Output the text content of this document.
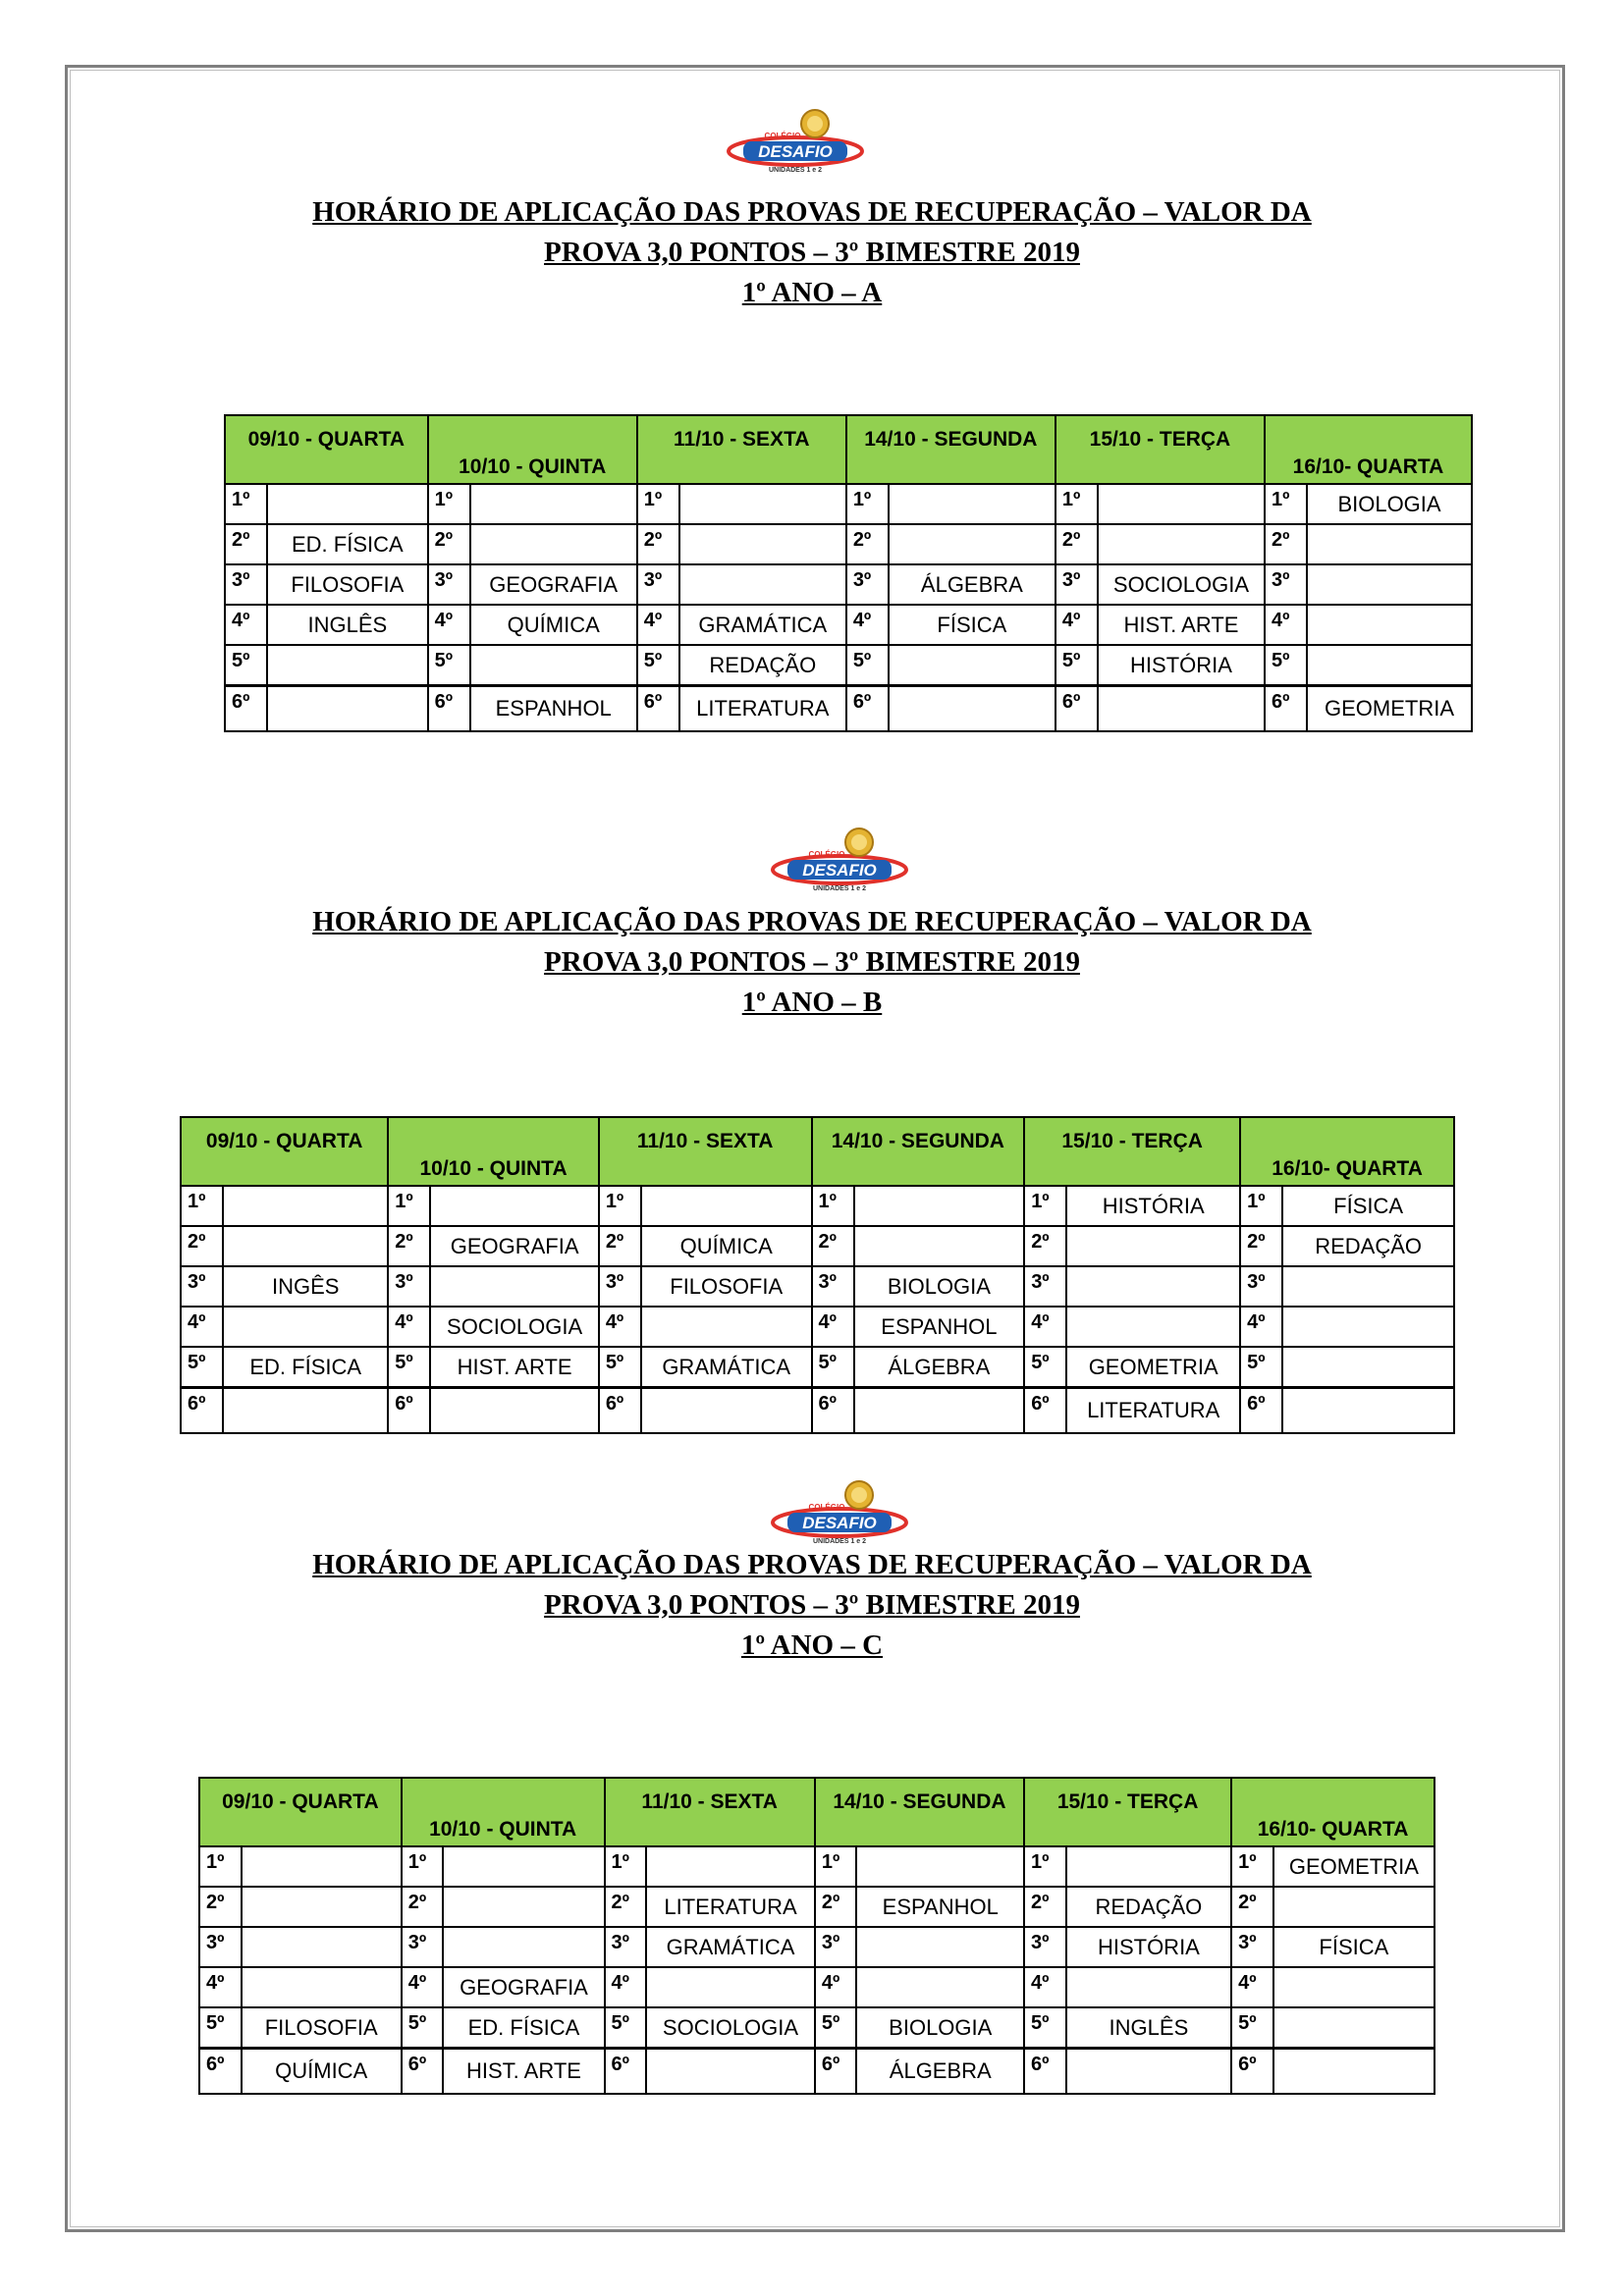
DESAFIO
COLÉGIO
UNIDADES 1 e 2
DESAFIO
COLÉGIO
UNIDADES 1 e 2
DESAFIO
COLÉGIO
UNIDADES 1 e 2
HORÁRIO DE APLICAÇÃO DAS PROVAS DE RECUPERAÇÃO – VALOR DA
PROVA 3,0 PONTOS – 3º BIMESTRE 2019
1º ANO – A
HORÁRIO DE APLICAÇÃO DAS PROVAS DE RECUPERAÇÃO – VALOR DA
PROVA 3,0 PONTOS – 3º BIMESTRE 2019
1º ANO – B
HORÁRIO DE APLICAÇÃO DAS PROVAS DE RECUPERAÇÃO – VALOR DA
PROVA 3,0 PONTOS – 3º BIMESTRE 2019
1º ANO – C
09/10 - QUARTA		10/10 - QUINTA		11/10 - SEXTA		14/10 - SEGUNDA		15/10 - TERÇA		16/10- QUARTA	
1º		1º		1º		1º		1º		1º	BIOLOGIA
2º	ED. FÍSICA	2º		2º		2º		2º		2º	
3º	FILOSOFIA	3º	GEOGRAFIA	3º		3º	ÁLGEBRA	3º	SOCIOLOGIA	3º	
4º	INGLÊS	4º	QUÍMICA	4º	GRAMÁTICA	4º	FÍSICA	4º	HIST. ARTE	4º	
5º		5º		5º	REDAÇÃO	5º		5º	HISTÓRIA	5º	
6º		6º	ESPANHOL	6º	LITERATURA	6º		6º		6º	GEOMETRIA
09/10 - QUARTA		10/10 - QUINTA		11/10 - SEXTA		14/10 - SEGUNDA		15/10 - TERÇA		16/10- QUARTA	
1º		1º		1º		1º		1º	HISTÓRIA	1º	FÍSICA
2º		2º	GEOGRAFIA	2º	QUÍMICA	2º		2º		2º	REDAÇÃO
3º	INGÊS	3º		3º	FILOSOFIA	3º	BIOLOGIA	3º		3º	
4º		4º	SOCIOLOGIA	4º		4º	ESPANHOL	4º		4º	
5º	ED. FÍSICA	5º	HIST. ARTE	5º	GRAMÁTICA	5º	ÁLGEBRA	5º	GEOMETRIA	5º	
6º		6º		6º		6º		6º	LITERATURA	6º	
09/10 - QUARTA		10/10 - QUINTA		11/10 - SEXTA		14/10 - SEGUNDA		15/10 - TERÇA		16/10- QUARTA	
1º		1º		1º		1º		1º		1º	GEOMETRIA
2º		2º		2º	LITERATURA	2º	ESPANHOL	2º	REDAÇÃO	2º	
3º		3º		3º	GRAMÁTICA	3º		3º	HISTÓRIA	3º	FÍSICA
4º		4º	GEOGRAFIA	4º		4º		4º		4º	
5º	FILOSOFIA	5º	ED. FÍSICA	5º	SOCIOLOGIA	5º	BIOLOGIA	5º	INGLÊS	5º	
6º	QUÍMICA	6º	HIST. ARTE	6º		6º	ÁLGEBRA	6º		6º	
